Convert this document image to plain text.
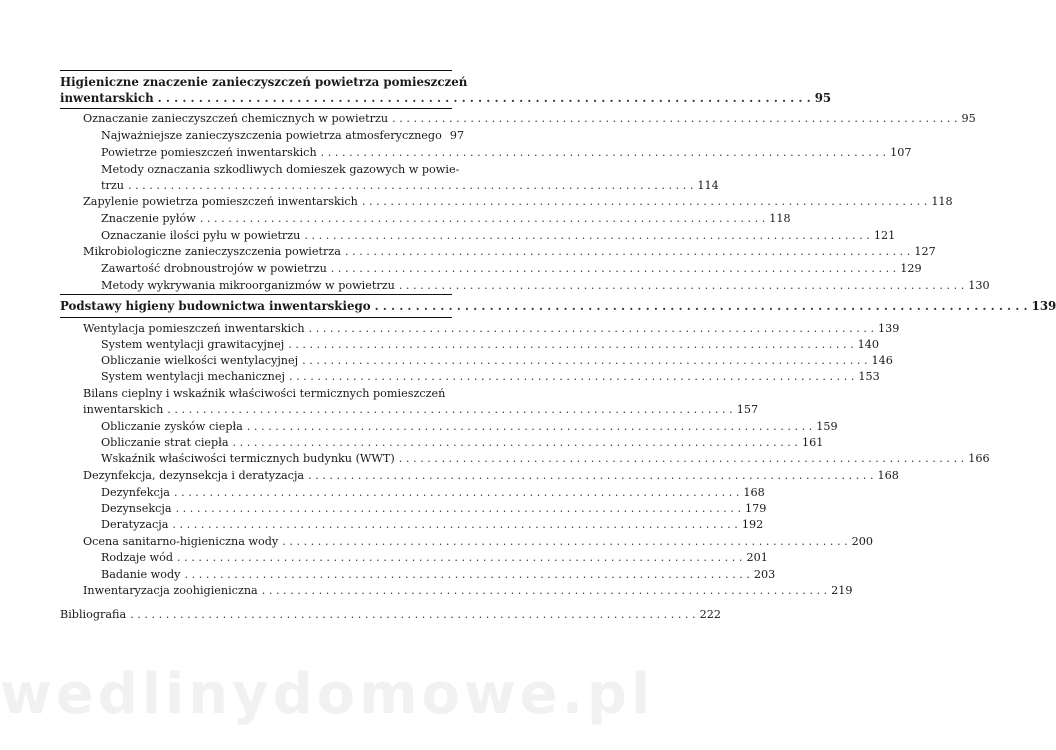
Higieniczne znaczenie zanieczyszczeń powietrza pomieszczeń
inwentarskich . . .	95
Oznaczanie zanieczyszczeń chemicznych w powietrzu . . .	95
Najważniejsze zanieczyszczenia powietrza atmosferycznego 97
Powietrze pomieszczeń inwentarskich . . .	107
Metody oznaczania szkodliwych domieszek gazowych w powie-
trzu . . .	114
Zapylenie powietrza pomieszczeń inwentarskich . . .	118
Znaczenie pyłów . . .	118
Oznaczanie ilości pyłu w powietrzu . . .	121
Mikrobiologiczne zanieczyszczenia powietrza . . .	127
Zawartość drobnoustrojów w powietrzu . . .	129
Metody wykrywania mikroorganizmów w powietrzu . . .	130
Podstawy higieny budownictwa inwentarskiego . . .	139
Wentylacja pomieszczeń inwentarskich . . .	139
System wentylacji grawitacyjnej . . .	140
Obliczanie wielkości wentylacyjnej . . .	146
System wentylacji mechanicznej . . .	153
Bilans cieplny i wskaźnik właściwości termicznych pomieszczeń
inwentarskich . . .	157
Obliczanie zysków ciepła . . .	159
Obliczanie strat ciepła . . .	161
Wskaźnik właściwości termicznych budynku (WWT) . . .	166
Dezynfekcja, dezynsekcja i deratyzacja . . .	168
Dezynfekcja . . .	168
Dezynsekcja . . .	179
Deratyzacja . . .	192
Ocena sanitarno-higieniczna wody . . .	200
Rodzaje wód . . .	201
Badanie wody . . .	203
Inwentaryzacja zoohigieniczna . . .	219
Bibliografia . . .	222
wedlinydomowe.pl
